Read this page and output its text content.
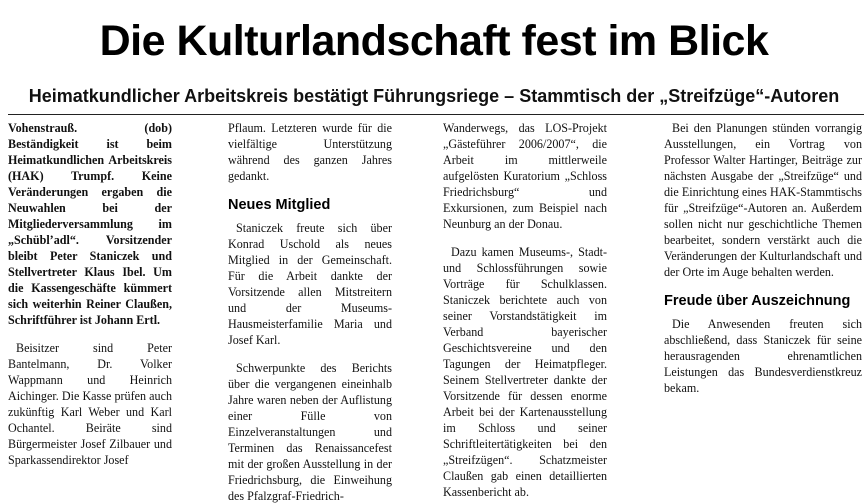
Die Kulturlandschaft fest im Blick
Heimatkundlicher Arbeitskreis bestätigt Führungsriege – Stammtisch der „Streifzüge“-Autoren

Vohenstrauß. (dob) Beständigkeit ist beim Heimatkundlichen Arbeitskreis (HAK) Trumpf. Keine Veränderungen ergaben die Neuwahlen bei der Mitgliederversammlung im „Schübl’adl“. Vorsitzender bleibt Peter Staniczek und Stellvertreter Klaus Ibel. Um die Kassengeschäfte kümmert sich weiterhin Reiner Claußen, Schriftführer ist Johann Ertl.

Beisitzer sind Peter Bantelmann, Dr. Volker Wappmann und Heinrich Aichinger. Die Kasse prüfen auch zukünftig Karl Weber und Karl Ochantel. Beiräte sind Bürgermeister Josef Zilbauer und Sparkassendirektor Josef

Pflaum. Letzteren wurde für die vielfältige Unterstützung während des ganzen Jahres gedankt.

Neues Mitglied

Staniczek freute sich über Konrad Uschold als neues Mitglied in der Gemeinschaft. Für die Arbeit dankte der Vorsitzende allen Mitstreitern und der Museums-Hausmeisterfamilie Maria und Josef Karl.

Schwerpunkte des Berichts über die vergangenen eineinhalb Jahre waren neben der Auflistung einer Fülle von Einzelveranstaltungen und Terminen das Renaissancefest mit der großen Ausstellung in der Friedrichsburg, die Einweihung des Pfalzgraf-Friedrich-

Wanderwegs, das LOS-Projekt „Gästeführer 2006/2007“, die Arbeit im mittlerweile aufgelösten Kuratorium „Schloss Friedrichsburg“ und Exkursionen, zum Beispiel nach Neunburg an der Donau.

Dazu kamen Museums-, Stadt- und Schlossführungen sowie Vorträge für Schulklassen. Staniczek berichtete auch von seiner Vorstandstätigkeit im Verband bayerischer Geschichtsvereine und den Tagungen der Heimatpfleger. Seinem Stellvertreter dankte der Vorsitzende für dessen enorme Arbeit bei der Kartenausstellung im Schloss und seiner Schriftleitertätigkeiten bei den „Streifzügen“. Schatzmeister Claußen gab einen detaillierten Kassenbericht ab.

Bei den Planungen stünden vorrangig Ausstellungen, ein Vortrag von Professor Walter Hartinger, Beiträge zur nächsten Ausgabe der „Streifzüge“ und die Einrichtung eines HAK-Stammtischs für „Streifzüge“-Autoren an. Außerdem sollen nicht nur geschichtliche Themen bearbeitet, sondern verstärkt auch die Veränderungen der Kulturlandschaft und der Orte im Auge behalten werden.

Freude über Auszeichnung

Die Anwesenden freuten sich abschließend, dass Staniczek für seine herausragenden ehrenamtlichen Leistungen das Bundesverdienstkreuz bekam.
